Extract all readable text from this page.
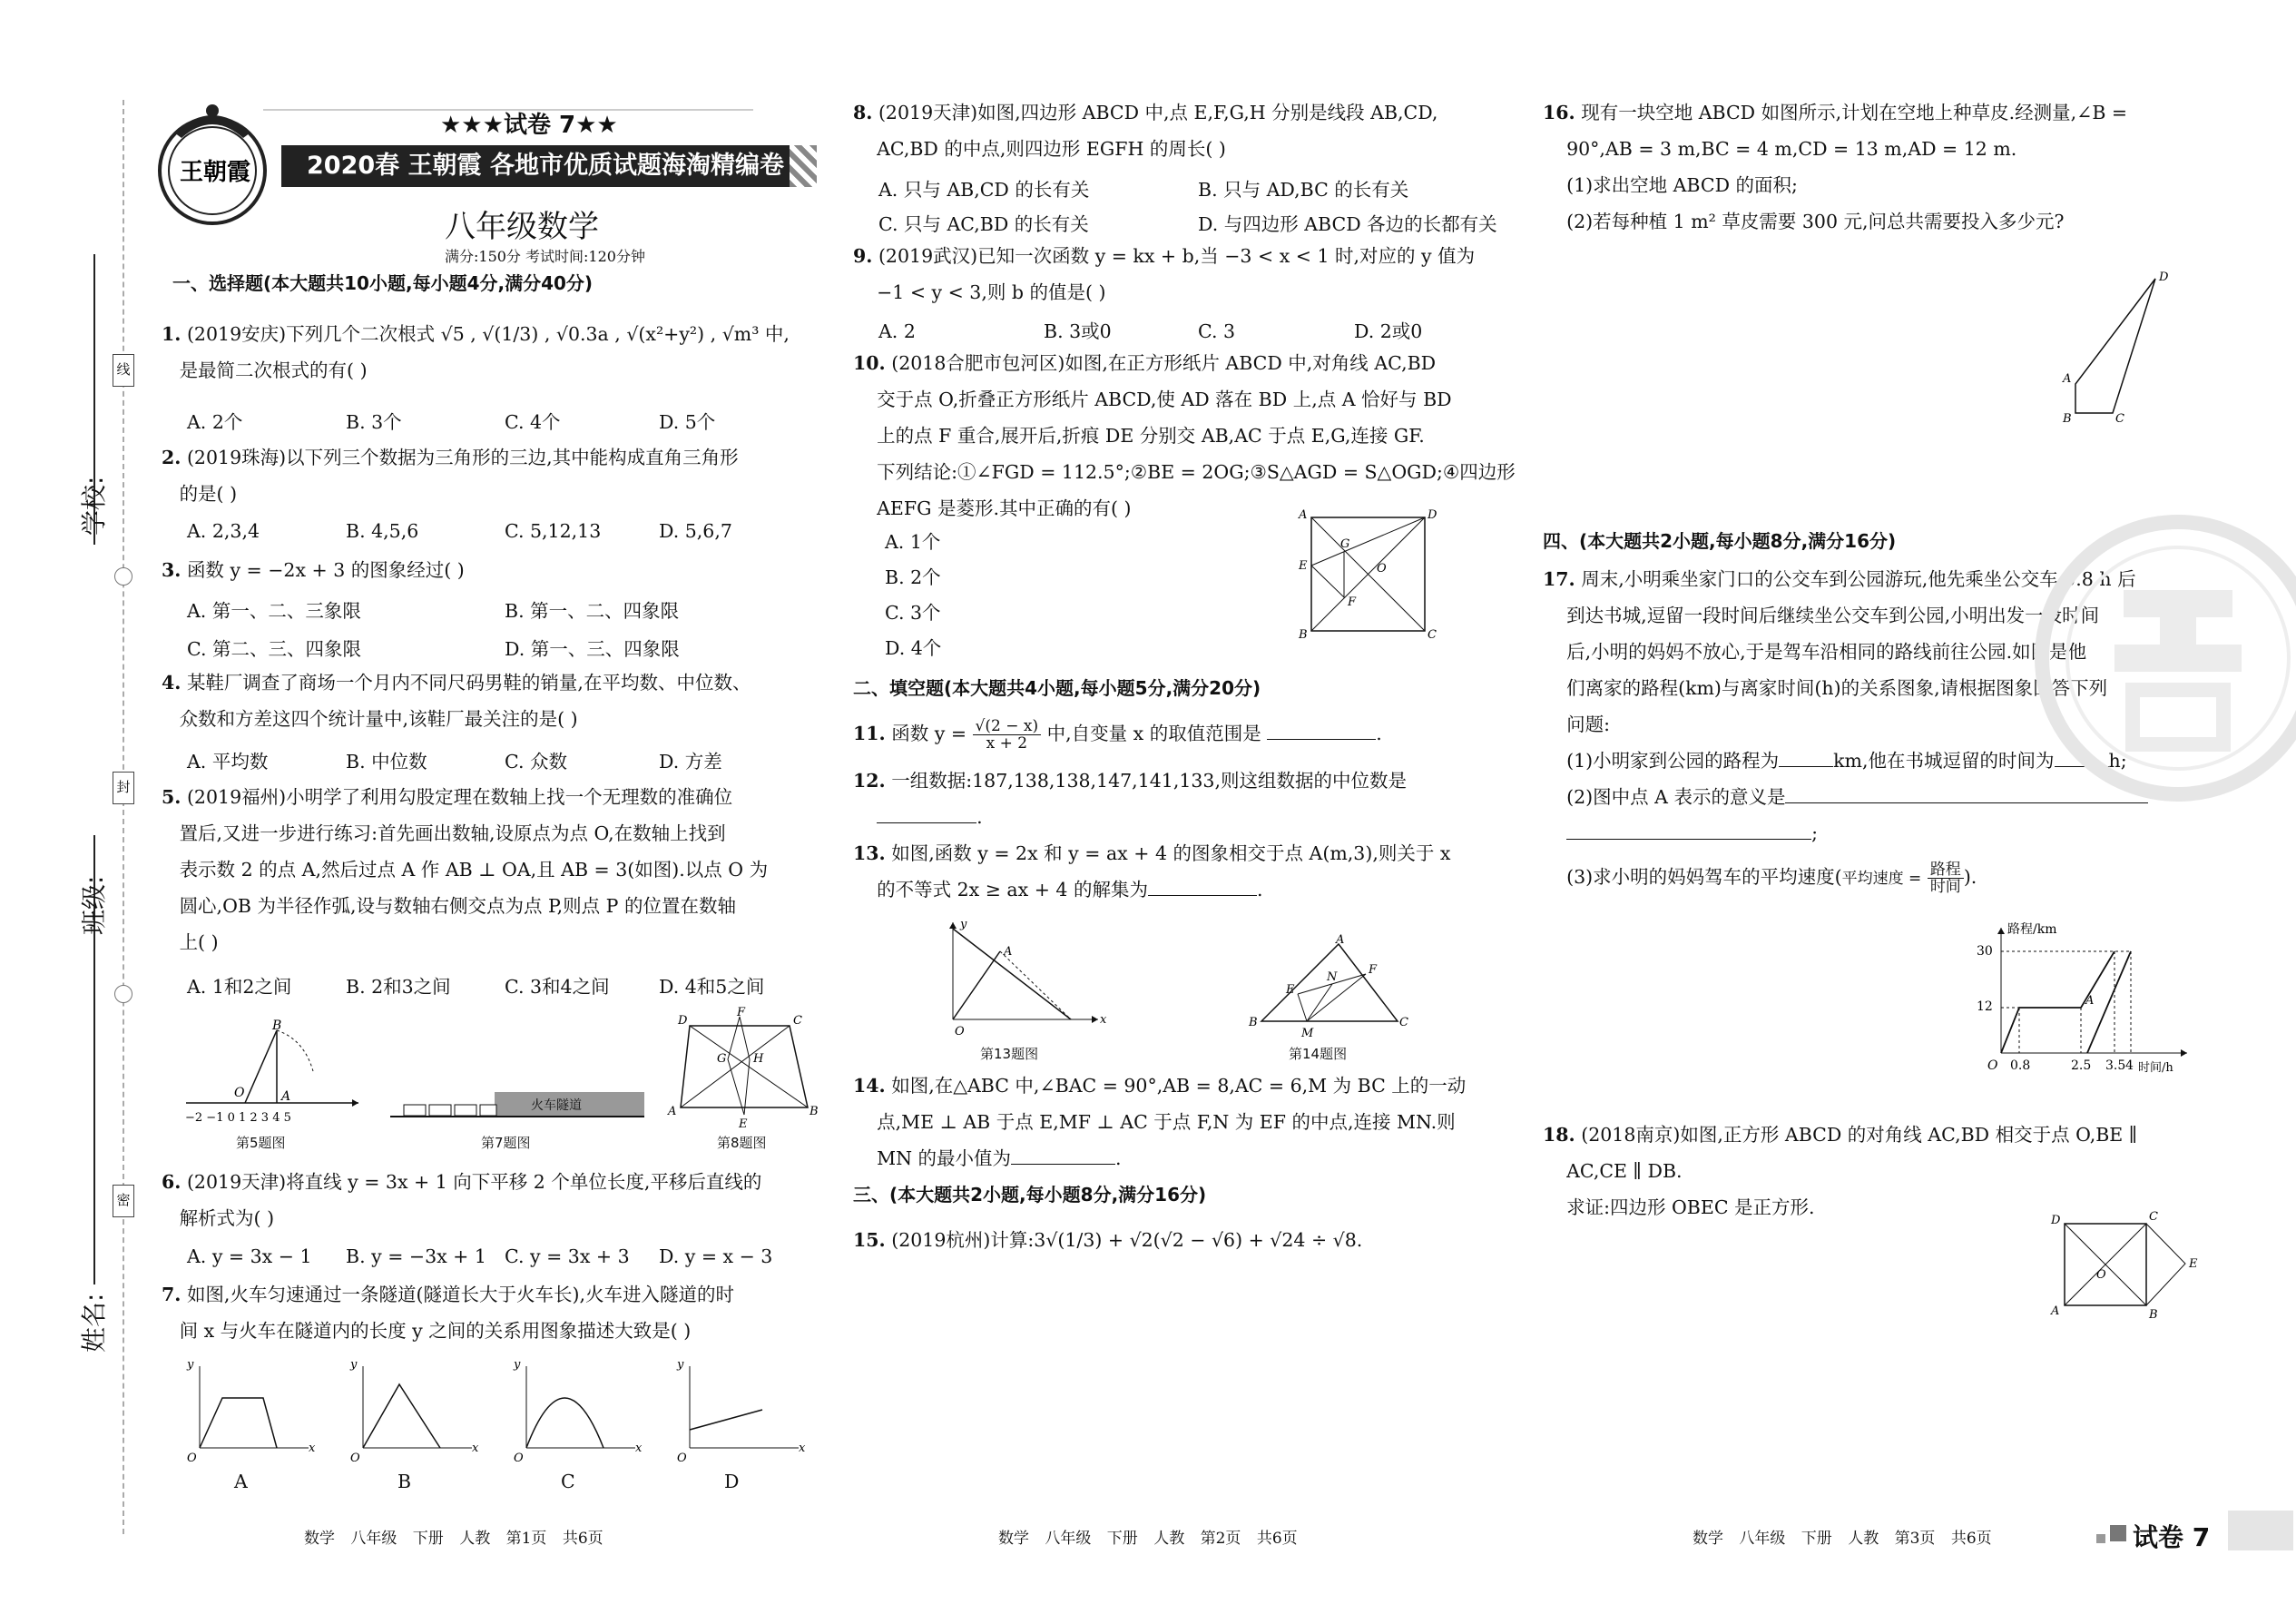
学校:
班级:
姓名:
线
封
密
王朝霞
★★★试卷 7★★
2020春 王朝霞 各地市优质试题海淘精编卷(二)
八年级数学
满分:150分 考试时间:120分钟
一、选择题(本大题共10小题,每小题4分,满分40分)
1. (2019安庆)下列几个二次根式 √5 , √(1/3) , √0.3a , √(x²+y²) , √m³ 中,
是最简二次根式的有( )
A. 2个	B. 3个	C. 4个	D. 5个
2. (2019珠海)以下列三个数据为三角形的三边,其中能构成直角三角形
的是( )
A. 2,3,4	B. 4,5,6	C. 5,12,13	D. 5,6,7
3. 函数 y = −2x + 3 的图象经过( )
A. 第一、二、三象限	B. 第一、二、四象限
C. 第二、三、四象限	D. 第一、三、四象限
4. 某鞋厂调查了商场一个月内不同尺码男鞋的销量,在平均数、中位数、
众数和方差这四个统计量中,该鞋厂最关注的是( )
A. 平均数	B. 中位数	C. 众数	D. 方差
5. (2019福州)小明学了利用勾股定理在数轴上找一个无理数的准确位
置后,又进一步进行练习:首先画出数轴,设原点为点 O,在数轴上找到
表示数 2 的点 A,然后过点 A 作 AB ⊥ OA,且 AB = 3(如图).以点 O 为
圆心,OB 为半径作弧,设与数轴右侧交点为点 P,则点 P 的位置在数轴
上( )
A. 1和2之间	B. 2和3之间	C. 3和4之间	D. 4和5之间
B
O	A
−2 −1 0 1 2 3 4 5
第5题图
火车隧道
第7题图
D
F
C
G H
A
E
B
第8题图
6. (2019天津)将直线 y = 3x + 1 向下平移 2 个单位长度,平移后直线的
解析式为( )
A. y = 3x − 1 B. y = −3x + 1 C. y = 3x + 3 D. y = x − 3
7. 如图,火车匀速通过一条隧道(隧道长大于火车长),火车进入隧道的时
间 x 与火车在隧道内的长度 y 之间的关系用图象描述大致是( )
y
x
O
y
x
O
y
x
O
y
x
O
A	B	C	D
数学 八年级 下册 人教 第1页 共6页
8. (2019天津)如图,四边形 ABCD 中,点 E,F,G,H 分别是线段 AB,CD,
AC,BD 的中点,则四边形 EGFH 的周长( )
A. 只与 AB,CD 的长有关	B. 只与 AD,BC 的长有关
C. 只与 AC,BD 的长有关	D. 与四边形 ABCD 各边的长都有关
9. (2019武汉)已知一次函数 y = kx + b,当 −3 < x < 1 时,对应的 y 值为
−1 < y < 3,则 b 的值是( )
A. 2	B. 3或0	C. 3	D. 2或0
10. (2018合肥市包河区)如图,在正方形纸片 ABCD 中,对角线 AC,BD
交于点 O,折叠正方形纸片 ABCD,使 AD 落在 BD 上,点 A 恰好与 BD
上的点 F 重合,展开后,折痕 DE 分别交 AB,AC 于点 E,G,连接 GF.
下列结论:①∠FGD = 112.5°;②BE = 2OG;③S△AGD = S△OGD;④四边形
AEFG 是菱形.其中正确的有( )
A. 1个
B. 2个
C. 3个
D. 4个
A	D
E
G
O
F
B	C
二、填空题(本大题共4小题,每小题5分,满分20分)
11. 函数 $y = \frac{√(2 - x)}{x + 2}$ 中,自变量 x 的取值范围是	.
12. 一组数据:187,138,138,147,141,133,则这组数据的中位数是
.
13. 如图,函数 y = 2x 和 y = ax + 4 的图象相交于点 A(m,3),则关于 x
的不等式 2x ≥ ax + 4 的解集为	.
y
x
A
O
第13题图
B
A
C
E
F
N
M
第14题图
14. 如图,在△ABC 中,∠BAC = 90°,AB = 8,AC = 6,M 为 BC 上的一动
点,ME ⊥ AB 于点 E,MF ⊥ AC 于点 F,N 为 EF 的中点,连接 MN.则
MN 的最小值为	.
三、(本大题共2小题,每小题8分,满分16分)
15. (2019杭州)计算:3√(1/3) + √2(√2 − √6) + √24 ÷ √8.
数学 八年级 下册 人教 第2页 共6页
16. 现有一块空地 ABCD 如图所示,计划在空地上种草皮.经测量,∠B =
90°,AB = 3 m,BC = 4 m,CD = 13 m,AD = 12 m.
(1)求出空地 ABCD 的面积;
(2)若每种植 1 m² 草皮需要 300 元,问总共需要投入多少元?
D
A
B	C
四、(本大题共2小题,每小题8分,满分16分)
17. 周末,小明乘坐家门口的公交车到公园游玩,他先乘坐公交车 0.8 h 后
到达书城,逗留一段时间后继续坐公交车到公园,小明出发一段时间
后,小明的妈妈不放心,于是驾车沿相同的路线前往公园.如图是他
们离家的路程(km)与离家时间(h)的关系图象,请根据图象回答下列
问题:
(1)小明家到公园的路程为	km,他在书城逗留的时间为	h;
(2)图中点 A 表示的意义是
;
(3)求小明的妈妈驾车的平均速度(平均速度 = $\frac{\text{路程}}{\text{时间}}$ ).
路程/km
时间/h
30
12
O 0.8	2.5 3.5 4
A
18. (2018南京)如图,正方形 ABCD 的对角线 AC,BD 相交于点 O,BE ∥
AC,CE ∥ DB.
求证:四边形 OBEC 是正方形.
D	C
O
E
A	B
数学 八年级 下册 人教 第3页 共6页	试卷 7
